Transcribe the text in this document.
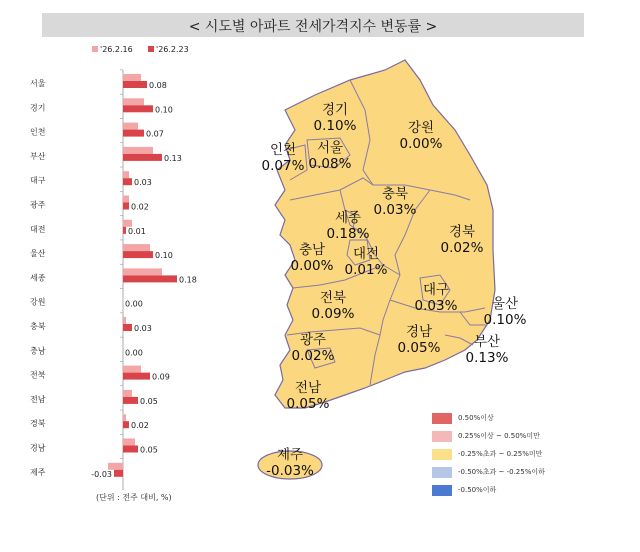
< 시도별 아파트 전세가격지수 변동률 >
'26.2.16	'26.2.23
서울	0.08
경기	0.10
인천	0.07
부산	0.13
대구	0.03
광주	0.02
대전	0.01
울산	0.10
세종	0.18
강원	0.00
충북	0.03
충남	0.00
전북	0.09
전남	0.05
경북	0.02
경남	0.05
제주	-0.03
(단위 : 전주 대비, %)
경기
0.10%	강원
0.00%
인천
0.07%
서울
0.08%
충북
0.03%
세종
0.18%	경북
0.02%
충남
0.00%
대전
0.01%
대구
0.03%	울산
0.10%
전북
0.09%
광주
0.02%
경남
0.05%	부산
0.13%
전남
0.05%
제주
-0.03%
0.50%이상
0.25%이상 ~ 0.50%미만
-0.25%초과 ~ 0.25%미만
-0.50%초과 ~ -0.25%이하
-0.50%이하
